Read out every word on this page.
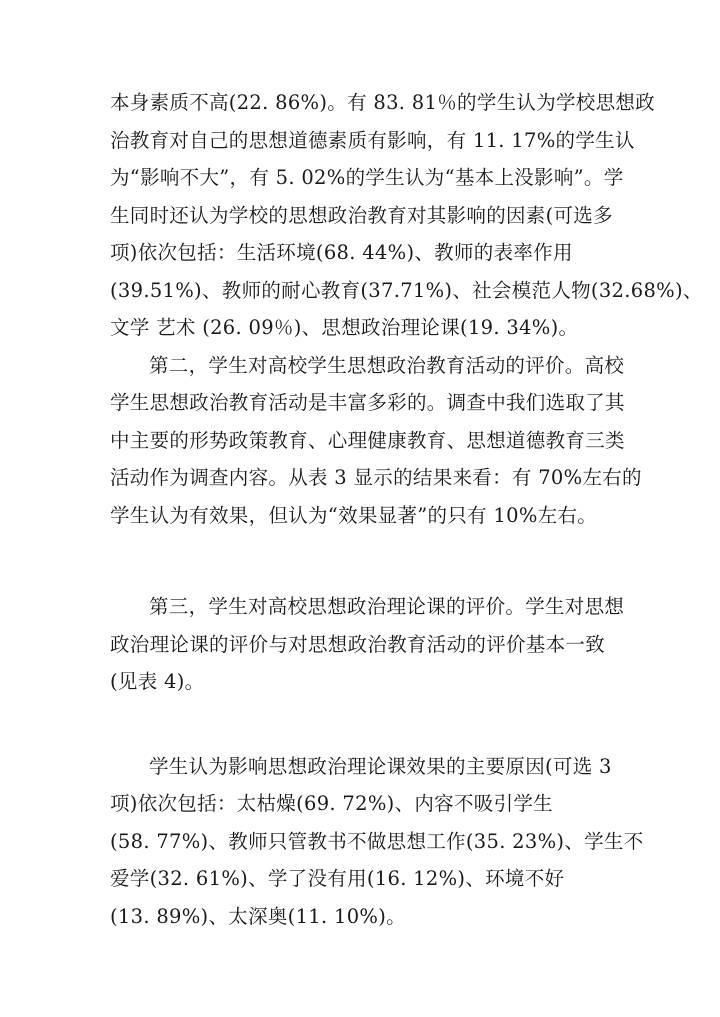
本身素质不高(22. 86%)。有 83. 81％的学生认为学校思想政
治教育对自己的思想道德素质有影响，有 11. 17%的学生认
为“影响不大”，有 5. 02%的学生认为“基本上没影响”。学
生同时还认为学校的思想政治教育对其影响的因素(可选多
项)依次包括：生活环境(68. 44%)、教师的表率作用
(39.51%)、教师的耐心教育(37.71%)、社会模范人物(32.68%)、
文学 艺术 (26. 09％)、思想政治理论课(19. 34%)。
第二，学生对高校学生思想政治教育活动的评价。高校
学生思想政治教育活动是丰富多彩的。调查中我们选取了其
中主要的形势政策教育、心理健康教育、思想道德教育三类
活动作为调查内容。从表 3 显示的结果来看：有 70%左右的
学生认为有效果，但认为“效果显著”的只有 10%左右。
第三，学生对高校思想政治理论课的评价。学生对思想
政治理论课的评价与对思想政治教育活动的评价基本一致
(见表 4)。
学生认为影响思想政治理论课效果的主要原因(可选 3
项)依次包括：太枯燥(69. 72%)、内容不吸引学生
(58. 77%)、教师只管教书不做思想工作(35. 23%)、学生不
爱学(32. 61%)、学了没有用(16. 12%)、环境不好
(13. 89%)、太深奥(11. 10%)。
